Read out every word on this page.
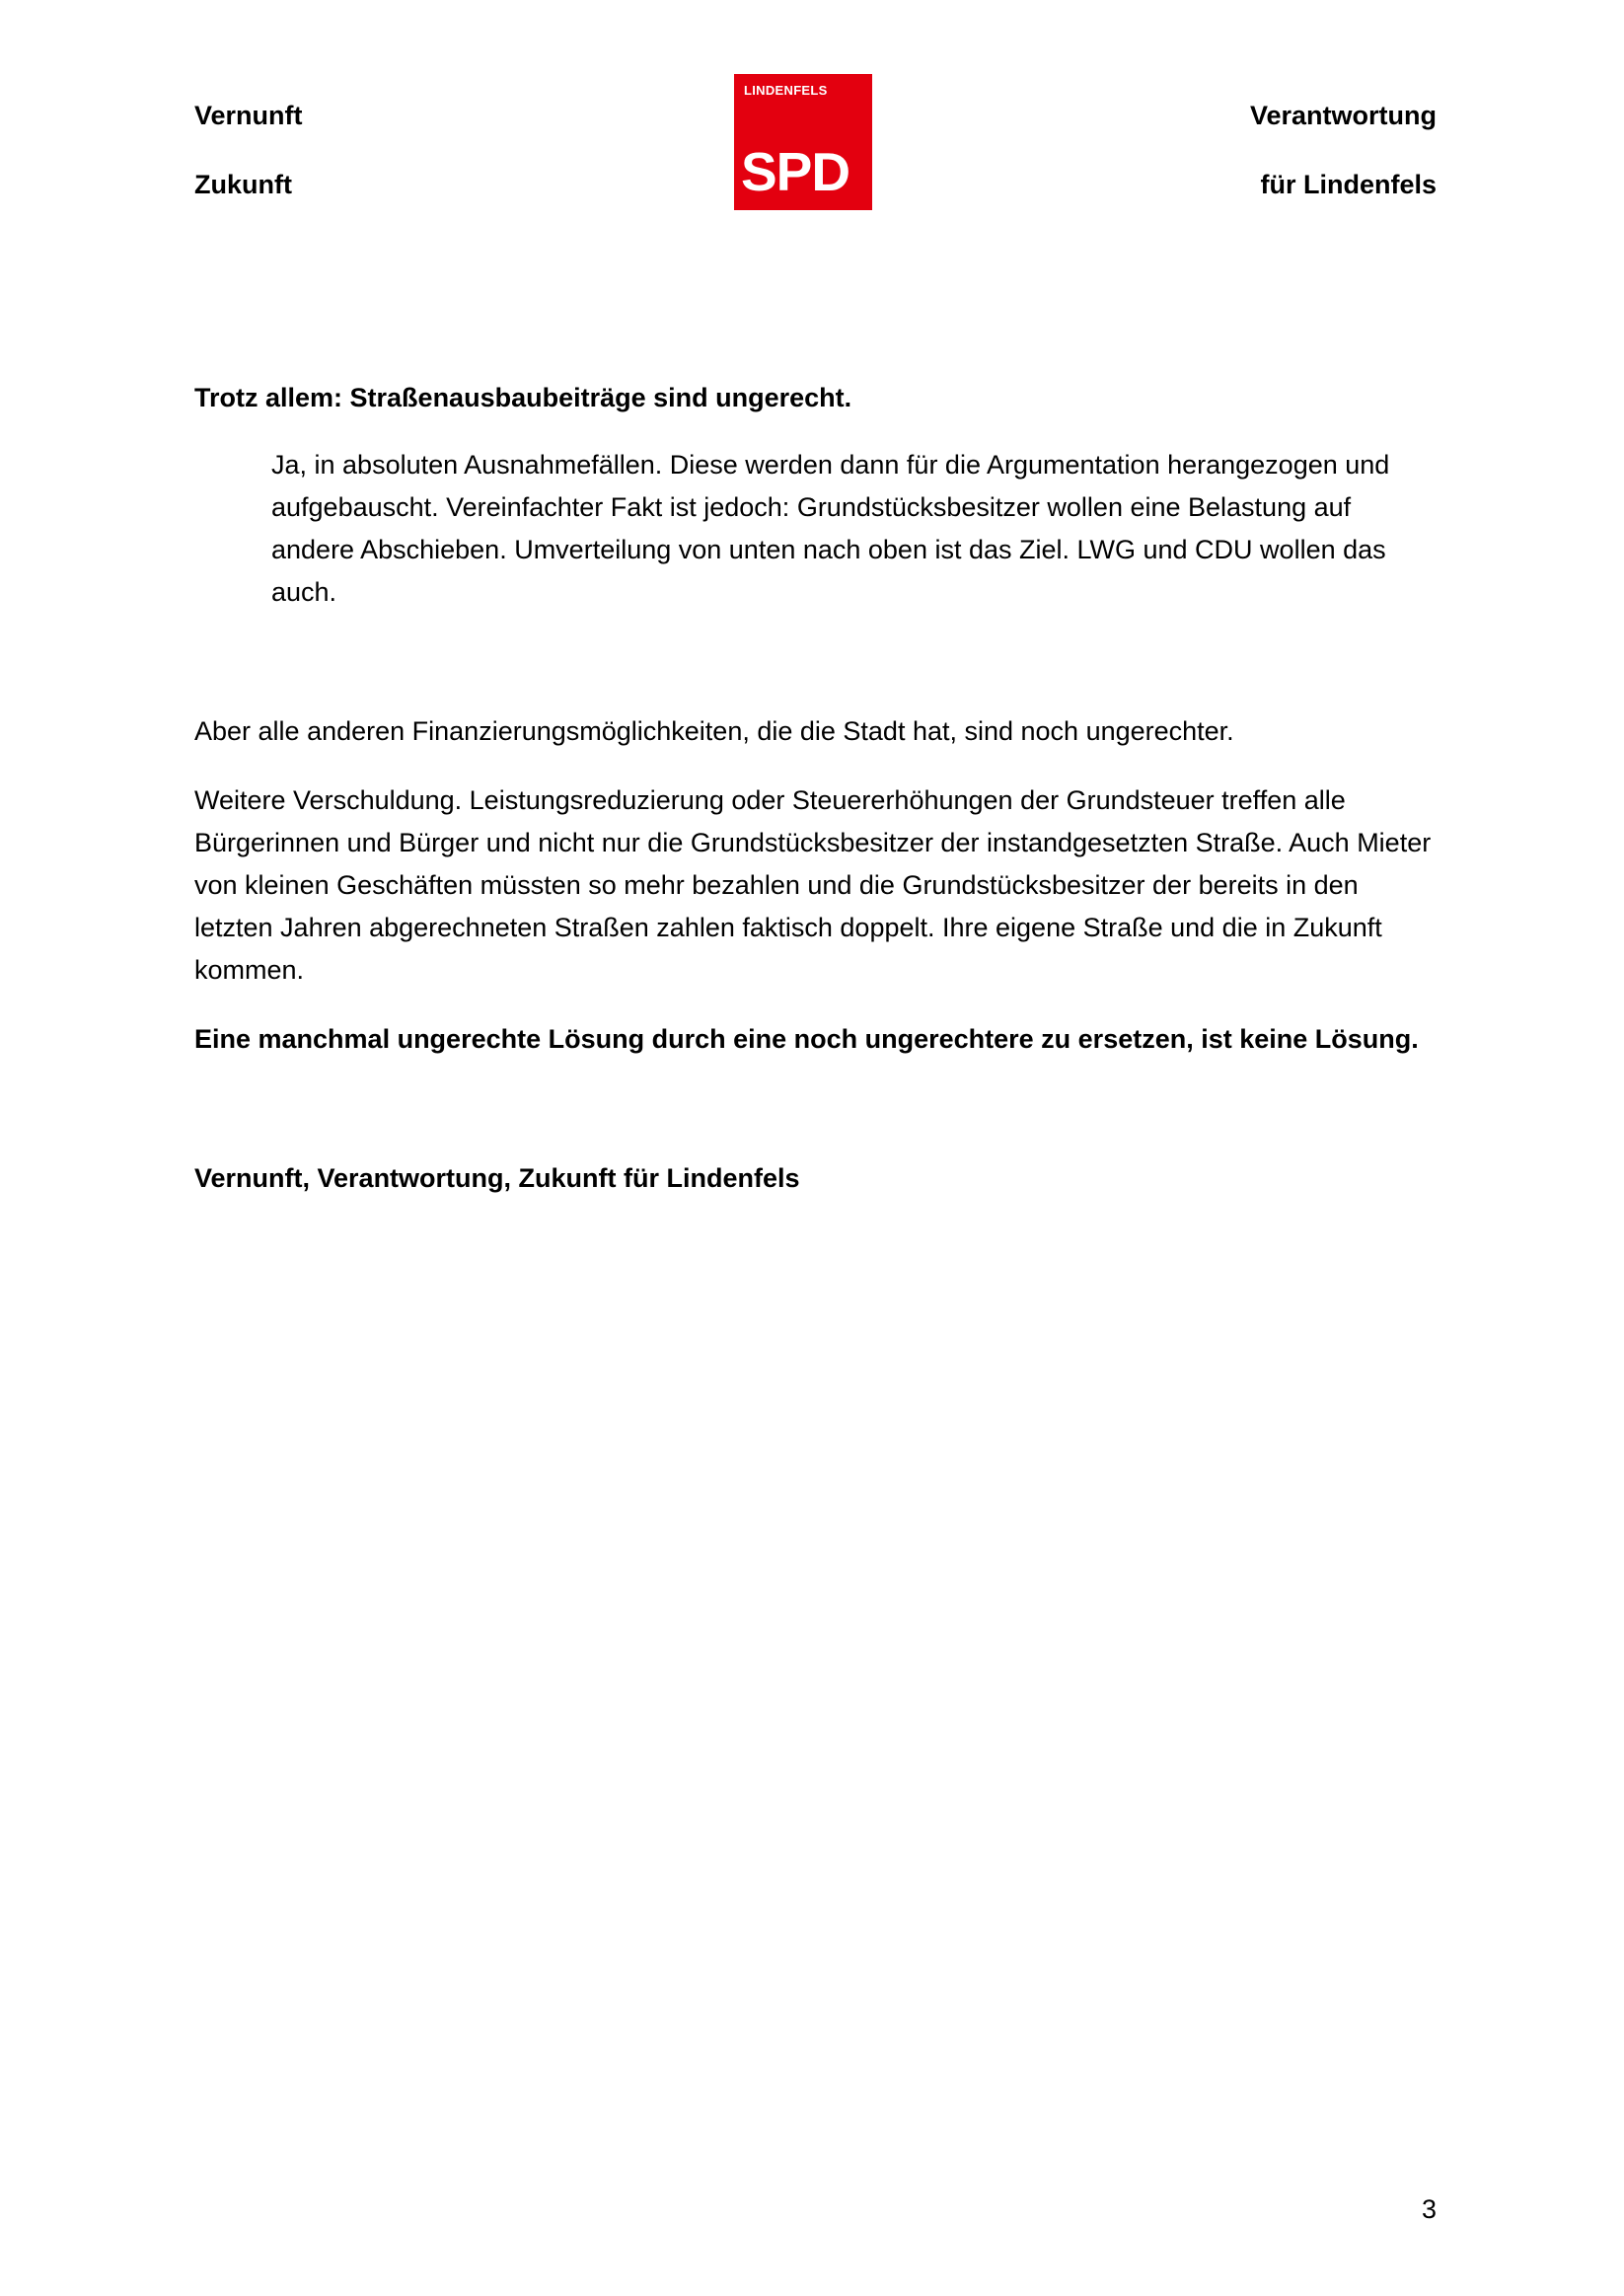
Vernunft
Zukunft
LINDENFELS
SPD
Verantwortung
für Lindenfels

Trotz allem: Straßenausbaubeiträge sind ungerecht.

Ja, in absoluten Ausnahmefällen. Diese werden dann für die Argumentation herangezogen und aufgebauscht. Vereinfachter Fakt ist jedoch: Grundstücksbesitzer wollen eine Belastung auf andere Abschieben. Umverteilung von unten nach oben ist das Ziel. LWG und CDU wollen das auch.

Aber alle anderen Finanzierungsmöglichkeiten, die die Stadt hat, sind noch ungerechter.

Weitere Verschuldung. Leistungsreduzierung oder Steuererhöhungen der Grundsteuer treffen alle Bürgerinnen und Bürger und nicht nur die Grundstücksbesitzer der instandgesetzten Straße. Auch Mieter von kleinen Geschäften müssten so mehr bezahlen und die Grundstücksbesitzer der bereits in den letzten Jahren abgerechneten Straßen zahlen faktisch doppelt. Ihre eigene Straße und die in Zukunft kommen.

Eine manchmal ungerechte Lösung durch eine noch ungerechtere zu ersetzen, ist keine Lösung.

Vernunft, Verantwortung, Zukunft für Lindenfels

3
